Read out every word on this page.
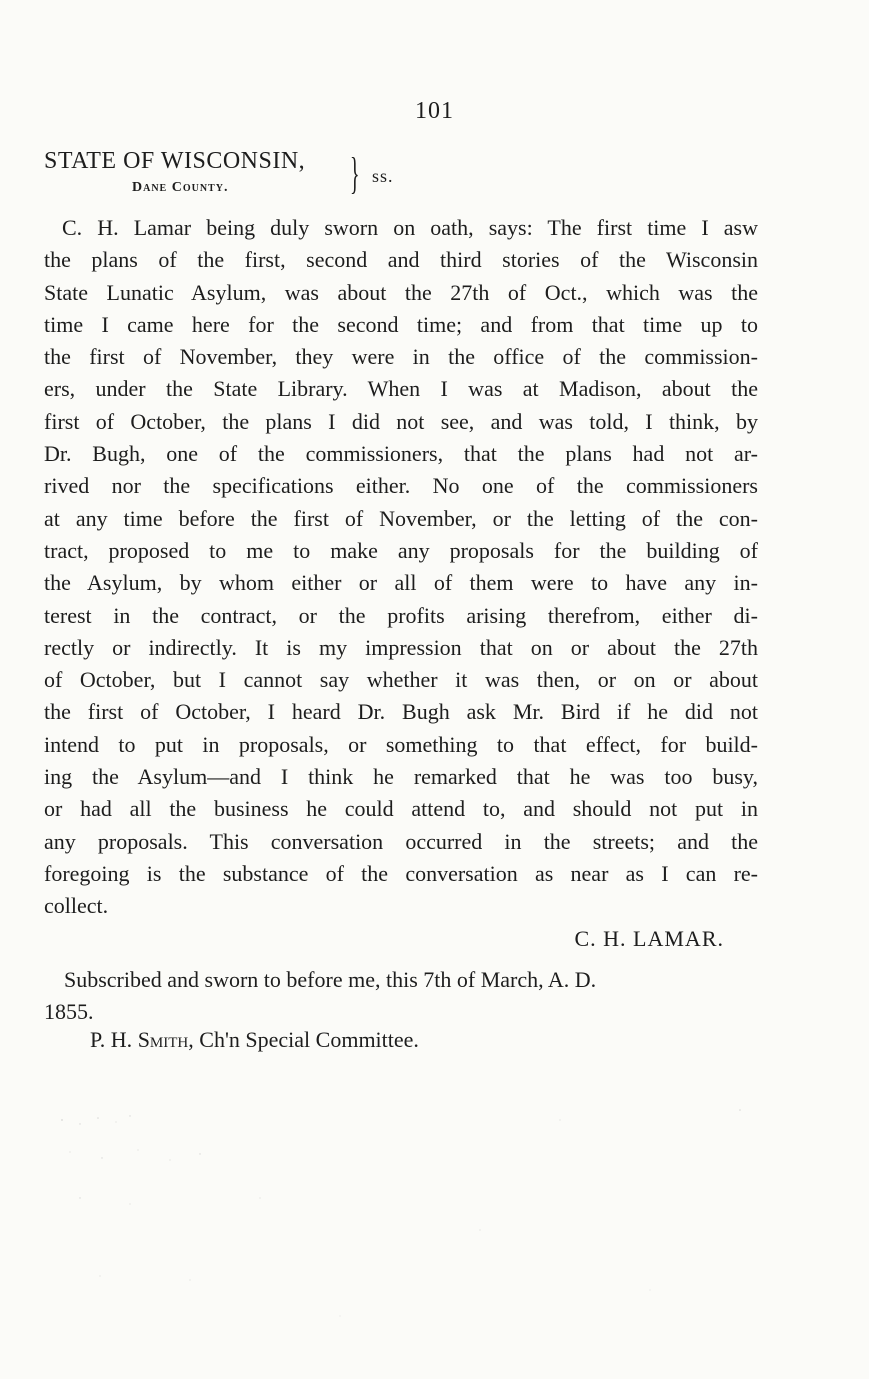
101
STATE OF WISCONSIN,
Dane County.	} ss.
C. H. Lamar being duly sworn on oath, says: The first time I asw
the plans of the first, second and third stories of the Wisconsin
State Lunatic Asylum, was about the 27th of Oct., which was the
time I came here for the second time; and from that time up to
the first of November, they were in the office of the commission-
ers, under the State Library. When I was at Madison, about the
first of October, the plans I did not see, and was told, I think, by
Dr. Bugh, one of the commissioners, that the plans had not ar-
rived nor the specifications either. No one of the commissioners
at any time before the first of November, or the letting of the con-
tract, proposed to me to make any proposals for the building of
the Asylum, by whom either or all of them were to have any in-
terest in the contract, or the profits arising therefrom, either di-
rectly or indirectly. It is my impression that on or about the 27th
of October, but I cannot say whether it was then, or on or about
the first of October, I heard Dr. Bugh ask Mr. Bird if he did not
intend to put in proposals, or something to that effect, for build-
ing the Asylum—and I think he remarked that he was too busy,
or had all the business he could attend to, and should not put in
any proposals. This conversation occurred in the streets; and the
foregoing is the substance of the conversation as near as I can re-
collect.
C. H. LAMAR.
Subscribed and sworn to before me, this 7th of March, A. D.
1855.
P. H. Smith, Ch'n Special Committee.
